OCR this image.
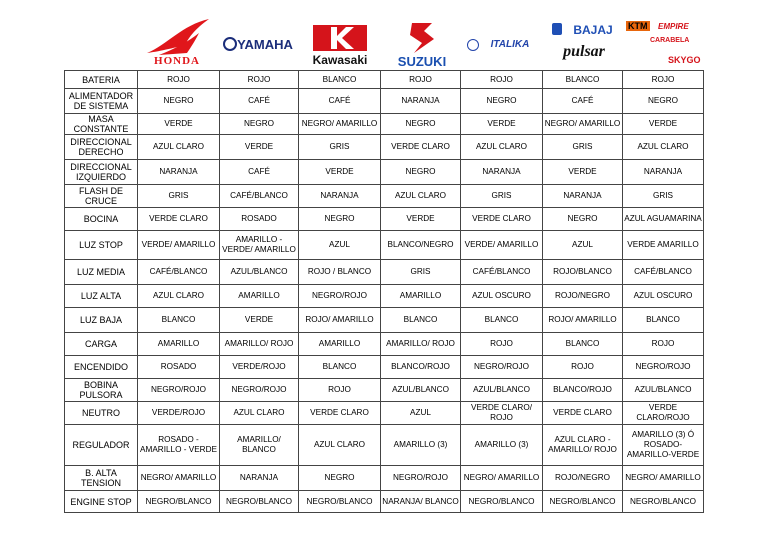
HONDA
YAMAHA
Kawasaki	SUZUKI
ITALIKA
BAJAJ
pulsar
KTM EMPIRE
CARABELA
SKYGO
BATERIA	ROJO	ROJO	BLANCO	ROJO	ROJO	BLANCO	ROJO
ALIMENTADOR DE SISTEMA	NEGRO	CAFÉ	CAFÉ	NARANJA	NEGRO	CAFÉ	NEGRO
MASA CONSTANTE	VERDE	NEGRO	NEGRO/ AMARILLO	NEGRO	VERDE	NEGRO/ AMARILLO	VERDE
DIRECCIONAL DERECHO	AZUL CLARO	VERDE	GRIS	VERDE CLARO	AZUL CLARO	GRIS	AZUL CLARO
DIRECCIONAL IZQUIERDO	NARANJA	CAFÉ	VERDE	NEGRO	NARANJA	VERDE	NARANJA
FLASH DE CRUCE	GRIS	CAFÉ/BLANCO	NARANJA	AZUL CLARO	GRIS	NARANJA	GRIS
BOCINA	VERDE CLARO	ROSADO	NEGRO	VERDE	VERDE CLARO	NEGRO	AZUL AGUAMARINA
LUZ STOP	VERDE/ AMARILLO	AMARILLO - VERDE/ AMARILLO	AZUL	BLANCO/NEGRO	VERDE/ AMARILLO	AZUL	VERDE AMARILLO
LUZ MEDIA	CAFÉ/BLANCO	AZUL/BLANCO	ROJO / BLANCO	GRIS	CAFÉ/BLANCO	ROJO/BLANCO	CAFÉ/BLANCO
LUZ ALTA	AZUL CLARO	AMARILLO	NEGRO/ROJO	AMARILLO	AZUL OSCURO	ROJO/NEGRO	AZUL OSCURO
LUZ BAJA	BLANCO	VERDE	ROJO/ AMARILLO	BLANCO	BLANCO	ROJO/ AMARILLO	BLANCO
CARGA	AMARILLO	AMARILLO/ ROJO	AMARILLO	AMARILLO/ ROJO	ROJO	BLANCO	ROJO
ENCENDIDO	ROSADO	VERDE/ROJO	BLANCO	BLANCO/ROJO	NEGRO/ROJO	ROJO	NEGRO/ROJO
BOBINA PULSORA	NEGRO/ROJO	NEGRO/ROJO	ROJO	AZUL/BLANCO	AZUL/BLANCO	BLANCO/ROJO	AZUL/BLANCO
NEUTRO	VERDE/ROJO	AZUL CLARO	VERDE CLARO	AZUL	VERDE CLARO/ ROJO	VERDE CLARO	VERDE CLARO/ROJO
REGULADOR	ROSADO - AMARILLO - VERDE	AMARILLO/ BLANCO	AZUL CLARO	AMARILLO (3)	AMARILLO (3)	AZUL CLARO - AMARILLO/ ROJO	AMARILLO (3) Ó ROSADO-AMARILLO-VERDE
B. ALTA TENSION	NEGRO/ AMARILLO	NARANJA	NEGRO	NEGRO/ROJO	NEGRO/ AMARILLO	ROJO/NEGRO	NEGRO/ AMARILLO
ENGINE STOP	NEGRO/BLANCO	NEGRO/BLANCO	NEGRO/BLANCO	NARANJA/ BLANCO	NEGRO/BLANCO	NEGRO/BLANCO	NEGRO/BLANCO
